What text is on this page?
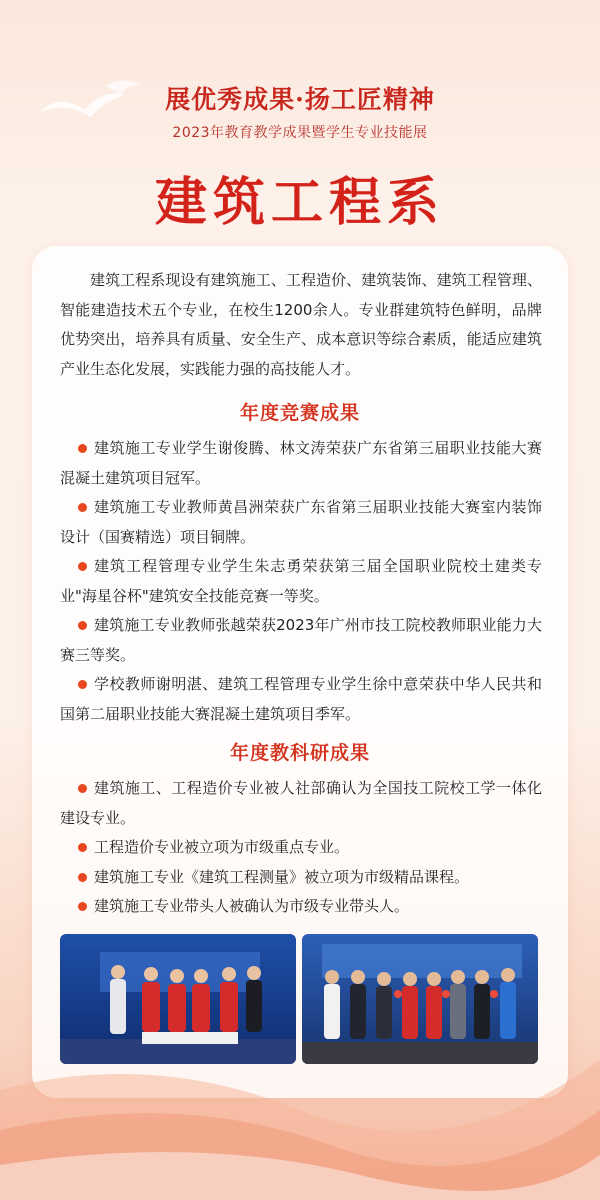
展优秀成果·扬工匠精神
2023年教育教学成果暨学生专业技能展
建筑工程系

建筑工程系现设有建筑施工、工程造价、建筑装饰、建筑工程管理、智能建造技术五个专业，在校生1200余人。专业群建筑特色鲜明，品牌优势突出，培养具有质量、安全生产、成本意识等综合素质，能适应建筑产业生态化发展，实践能力强的高技能人才。

年度竞赛成果
建筑施工专业学生谢俊腾、林文涛荣获广东省第三届职业技能大赛混凝土建筑项目冠军。
建筑施工专业教师黄昌洲荣获广东省第三届职业技能大赛室内装饰设计（国赛精选）项目铜牌。
建筑工程管理专业学生朱志勇荣获第三届全国职业院校土建类专业"海星谷杯"建筑安全技能竞赛一等奖。
建筑施工专业教师张越荣获2023年广州市技工院校教师职业能力大赛三等奖。
学校教师谢明湛、建筑工程管理专业学生徐中意荣获中华人民共和国第二届职业技能大赛混凝土建筑项目季军。
年度教科研成果
建筑施工、工程造价专业被人社部确认为全国技工院校工学一体化建设专业。
工程造价专业被立项为市级重点专业。
建筑施工专业《建筑工程测量》被立项为市级精品课程。
建筑施工专业带头人被确认为市级专业带头人。
